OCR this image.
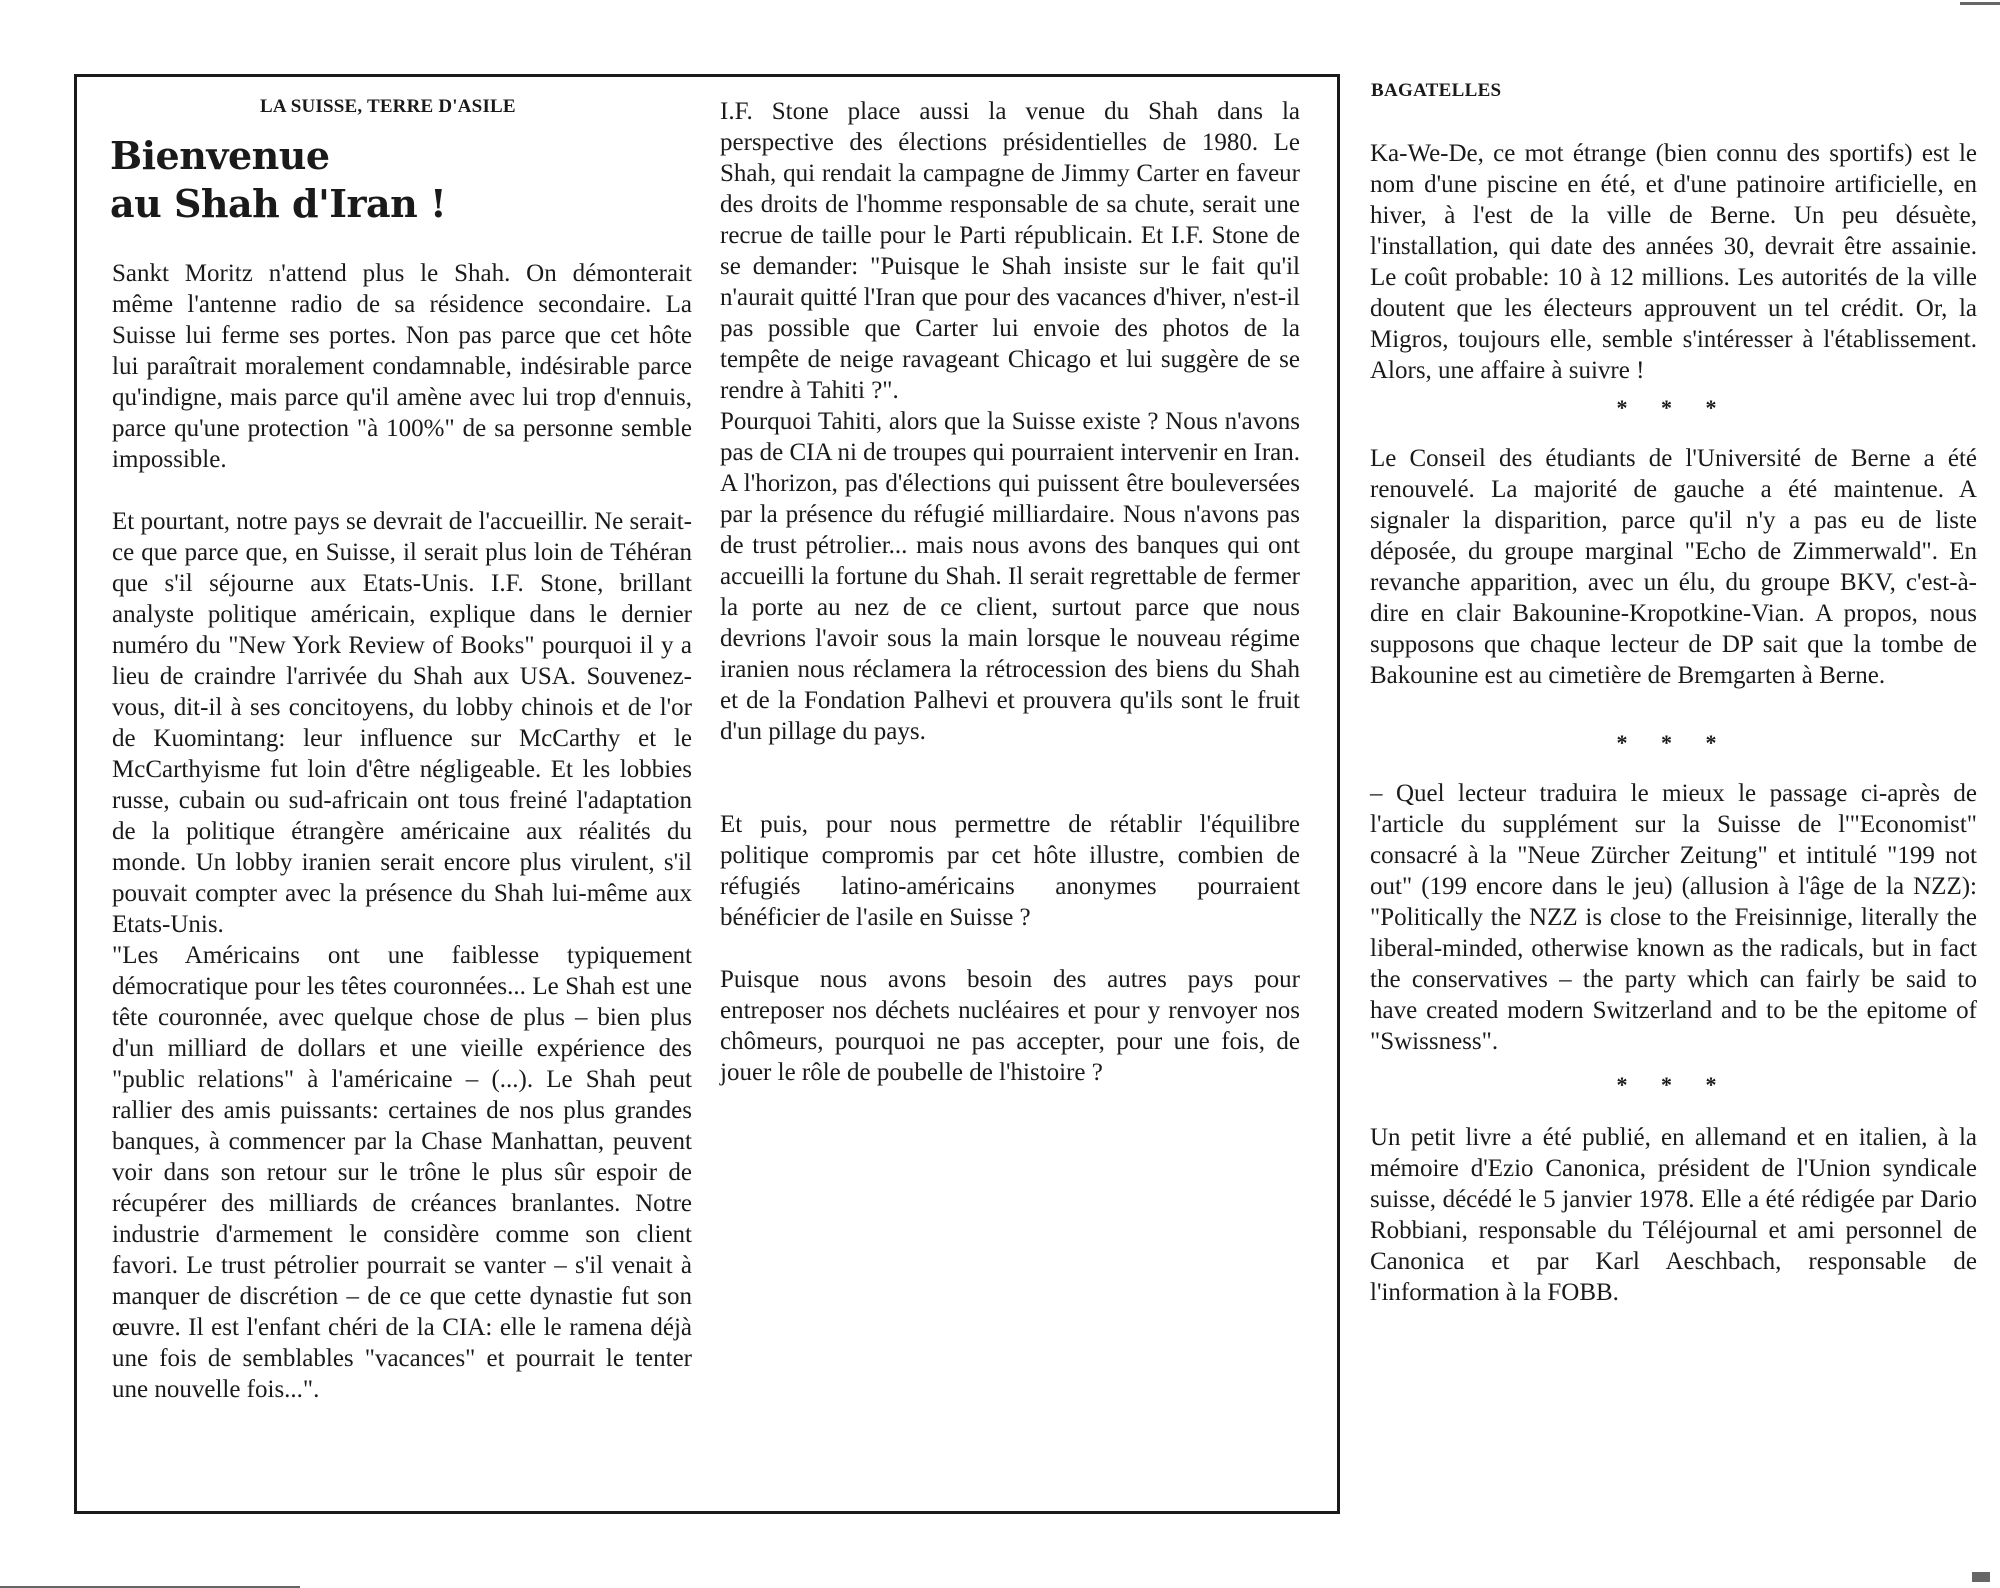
LA SUISSE, TERRE D'ASILE
Bienvenue
au Shah d'Iran !

Sankt Moritz n'attend plus le Shah. On démonterait même l'antenne radio de sa résidence secondaire. La Suisse lui ferme ses portes. Non pas parce que cet hôte lui paraîtrait moralement condamnable, indésirable parce qu'indigne, mais parce qu'il amène avec lui trop d'ennuis, parce qu'une protection "à 100%" de sa personne semble impossible.

Et pourtant, notre pays se devrait de l'accueillir. Ne serait-ce que parce que, en Suisse, il serait plus loin de Téhéran que s'il séjourne aux Etats-Unis. I.F. Stone, brillant analyste politique américain, explique dans le dernier numéro du "New York Review of Books" pourquoi il y a lieu de craindre l'arrivée du Shah aux USA. Souvenez-vous, dit-il à ses concitoyens, du lobby chinois et de l'or de Kuomintang: leur influence sur McCarthy et le McCarthyisme fut loin d'être négligeable. Et les lobbies russe, cubain ou sud-africain ont tous freiné l'adaptation de la politique étrangère américaine aux réalités du monde. Un lobby iranien serait encore plus virulent, s'il pouvait compter avec la présence du Shah lui-même aux Etats-Unis.

"Les Américains ont une faiblesse typiquement démocratique pour les têtes couronnées... Le Shah est une tête couronnée, avec quelque chose de plus – bien plus d'un milliard de dollars et une vieille expérience des "public relations" à l'américaine – (...). Le Shah peut rallier des amis puissants: certaines de nos plus grandes banques, à commencer par la Chase Manhattan, peuvent voir dans son retour sur le trône le plus sûr espoir de récupérer des milliards de créances branlantes. Notre industrie d'armement le considère comme son client favori. Le trust pétrolier pourrait se vanter – s'il venait à manquer de discrétion – de ce que cette dynastie fut son œuvre. Il est l'enfant chéri de la CIA: elle le ramena déjà une fois de semblables "vacances" et pourrait le tenter une nouvelle fois...".

I.F. Stone place aussi la venue du Shah dans la perspective des élections présidentielles de 1980. Le Shah, qui rendait la campagne de Jimmy Carter en faveur des droits de l'homme responsable de sa chute, serait une recrue de taille pour le Parti républicain. Et I.F. Stone de se demander: "Puisque le Shah insiste sur le fait qu'il n'aurait quitté l'Iran que pour des vacances d'hiver, n'est-il pas possible que Carter lui envoie des photos de la tempête de neige ravageant Chicago et lui suggère de se rendre à Tahiti ?".

Pourquoi Tahiti, alors que la Suisse existe ? Nous n'avons pas de CIA ni de troupes qui pourraient intervenir en Iran. A l'horizon, pas d'élections qui puissent être bouleversées par la présence du réfugié milliardaire. Nous n'avons pas de trust pétrolier... mais nous avons des banques qui ont accueilli la fortune du Shah. Il serait regrettable de fermer la porte au nez de ce client, surtout parce que nous devrions l'avoir sous la main lorsque le nouveau régime iranien nous réclamera la rétrocession des biens du Shah et de la Fondation Palhevi et prouvera qu'ils sont le fruit d'un pillage du pays.

Et puis, pour nous permettre de rétablir l'équilibre politique compromis par cet hôte illustre, combien de réfugiés latino-américains anonymes pourraient bénéficier de l'asile en Suisse ?

Puisque nous avons besoin des autres pays pour entreposer nos déchets nucléaires et pour y renvoyer nos chômeurs, pourquoi ne pas accepter, pour une fois, de jouer le rôle de poubelle de l'histoire ?

BAGATELLES

Ka-We-De, ce mot étrange (bien connu des sportifs) est le nom d'une piscine en été, et d'une patinoire artificielle, en hiver, à l'est de la ville de Berne. Un peu désuète, l'installation, qui date des années 30, devrait être assainie. Le coût probable: 10 à 12 millions. Les autorités de la ville doutent que les électeurs approuvent un tel crédit. Or, la Migros, toujours elle, semble s'intéresser à l'établissement. Alors, une affaire à suivre !

* * *

Le Conseil des étudiants de l'Université de Berne a été renouvelé. La majorité de gauche a été maintenue. A signaler la disparition, parce qu'il n'y a pas eu de liste déposée, du groupe marginal "Echo de Zimmerwald". En revanche apparition, avec un élu, du groupe BKV, c'est-à-dire en clair Bakounine-Kropotkine-Vian. A propos, nous supposons que chaque lecteur de DP sait que la tombe de Bakounine est au cimetière de Bremgarten à Berne.

* * *

– Quel lecteur traduira le mieux le passage ci-après de l'article du supplément sur la Suisse de l'"Economist" consacré à la "Neue Zürcher Zeitung" et intitulé "199 not out" (199 encore dans le jeu) (allusion à l'âge de la NZZ): "Politically the NZZ is close to the Freisinnige, literally the liberal-minded, otherwise known as the radicals, but in fact the conservatives – the party which can fairly be said to have created modern Switzerland and to be the epitome of "Swissness".

* * *

Un petit livre a été publié, en allemand et en italien, à la mémoire d'Ezio Canonica, président de l'Union syndicale suisse, décédé le 5 janvier 1978. Elle a été rédigée par Dario Robbiani, responsable du Téléjournal et ami personnel de Canonica et par Karl Aeschbach, responsable de l'information à la FOBB.
